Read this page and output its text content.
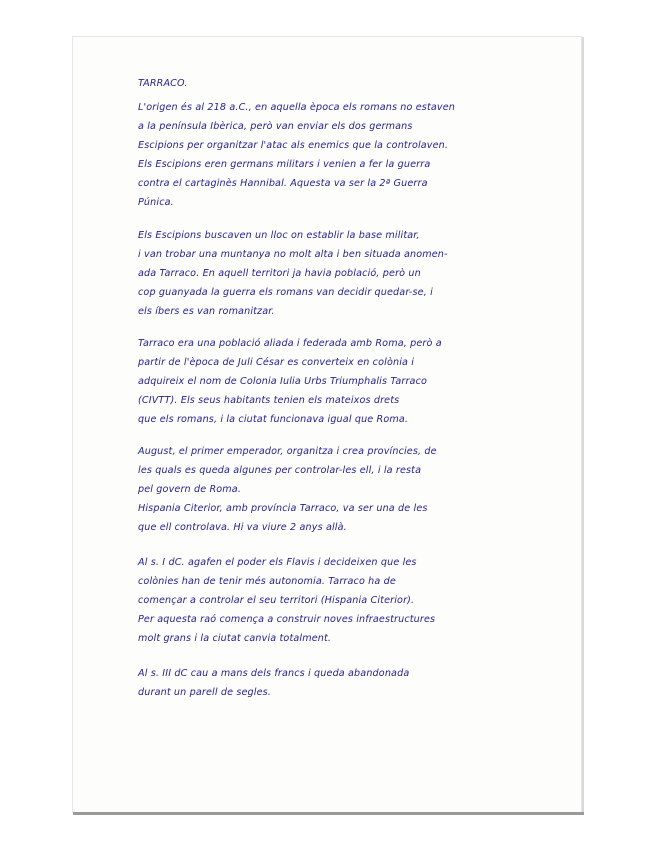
TARRACO.
L'origen és al 218 a.C., en aquella època els romans no estaven
a la península Ibèrica, però van enviar els dos germans
Escipions per organitzar l'atac als enemics que la controlaven.
Els Escipions eren germans militars i venien a fer la guerra
contra el cartaginès Hannibal. Aquesta va ser la 2ª Guerra
Púnica.
Els Escipions buscaven un lloc on establir la base militar,
i van trobar una muntanya no molt alta i ben situada anomen-
ada Tarraco. En aquell territori ja havia població, però un
cop guanyada la guerra els romans van decidir quedar-se, i
els íbers es van romanitzar.
Tarraco era una població aliada i federada amb Roma, però a
partir de l'època de Juli César es converteix en colònia i
adquireix el nom de Colonia Iulia Urbs Triumphalis Tarraco
(CIVTT). Els seus habitants tenien els mateixos drets
que els romans, i la ciutat funcionava igual que Roma.
August, el primer emperador, organitza i crea províncies, de
les quals es queda algunes per controlar-les ell, i la resta
pel govern de Roma.
Hispania Citerior, amb província Tarraco, va ser una de les
que ell controlava. Hi va viure 2 anys allà.
Al s. I dC. agafen el poder els Flavis i decideixen que les
colònies han de tenir més autonomia. Tarraco ha de
començar a controlar el seu territori (Hispania Citerior).
Per aquesta raó comença a construir noves infraestructures
molt grans i la ciutat canvia totalment.
Al s. III dC cau a mans dels francs i queda abandonada
durant un parell de segles.
